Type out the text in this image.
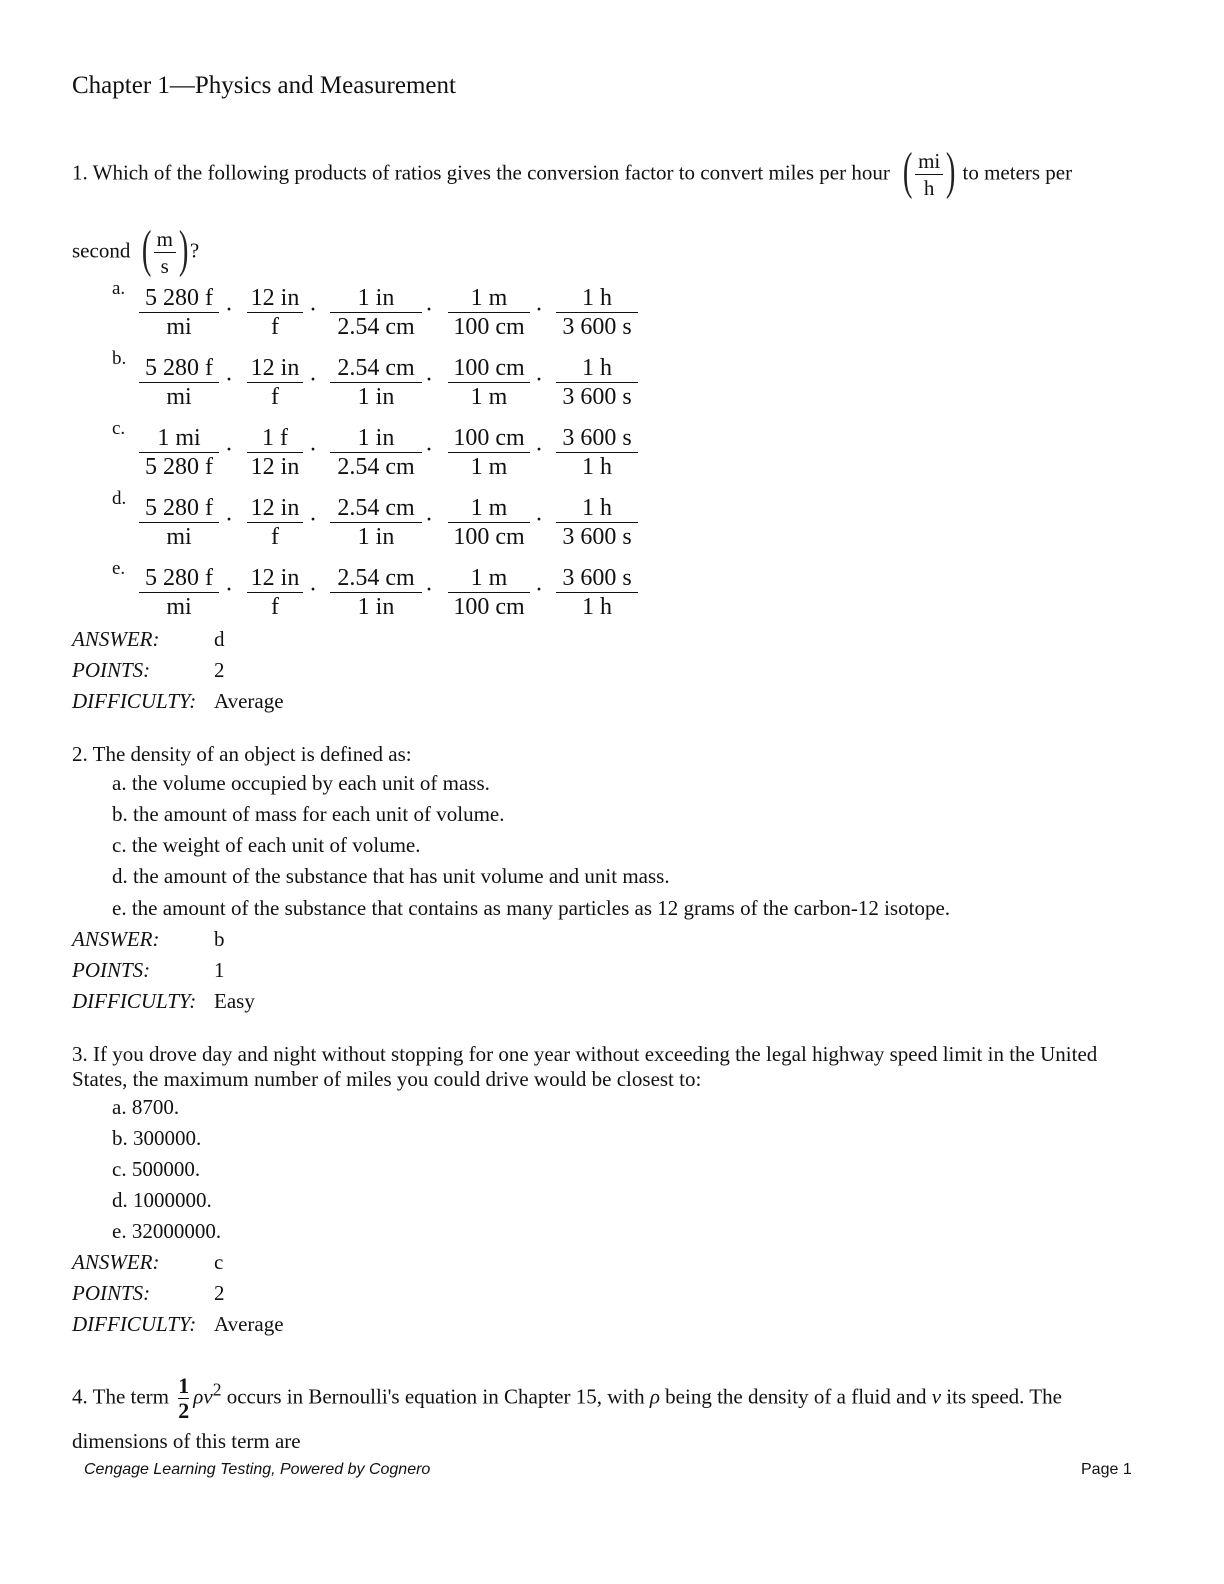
Chapter 1—Physics and Measurement
1. Which of the following products of ratios gives the conversion factor to convert miles per hour ( $\frac{mi}{h}$ ) to meters per
second ( $\frac{m}{s}$ ) ?
a. $\frac{5 280 f}{mi} \cdot \frac{12 in}{f} \cdot \frac{1 in}{2.54 cm} \cdot \frac{1 m}{100 cm} \cdot \frac{1 h}{3 600 s}$
b. $\frac{5 280 f}{mi} \cdot \frac{12 in}{f} \cdot \frac{2.54 cm}{1 in} \cdot \frac{100 cm}{1 m} \cdot \frac{1 h}{3 600 s}$
c. $\frac{1 mi}{5 280 f} \cdot \frac{1 f}{12 in} \cdot \frac{1 in}{2.54 cm} \cdot \frac{100 cm}{1 m} \cdot \frac{3 600 s}{1 h}$
d. $\frac{5 280 f}{mi} \cdot \frac{12 in}{f} \cdot \frac{2.54 cm}{1 in} \cdot \frac{1 m}{100 cm} \cdot \frac{1 h}{3 600 s}$
e. $\frac{5 280 f}{mi} \cdot \frac{12 in}{f} \cdot \frac{2.54 cm}{1 in} \cdot \frac{1 m}{100 cm} \cdot \frac{3 600 s}{1 h}$
ANSWER:	d
POINTS:	2
DIFFICULTY: Average
2. The density of an object is defined as:
a. the volume occupied by each unit of mass.
b. the amount of mass for each unit of volume.
c. the weight of each unit of volume.
d. the amount of the substance that has unit volume and unit mass.
e. the amount of the substance that contains as many particles as 12 grams of the carbon-12 isotope.
ANSWER:	b
POINTS:	1
DIFFICULTY: Easy
3. If you drove day and night without stopping for one year without exceeding the legal highway speed limit in the United States, the maximum number of miles you could drive would be closest to:
a. 8700.
b. 300000.
c. 500000.
d. 1000000.
e. 32000000.
ANSWER:	c
POINTS:	2
DIFFICULTY: Average
4. The term $\frac{1}{2} \rho v^2$ occurs in Bernoulli's equation in Chapter 15, with ρ being the density of a fluid and v its speed. The
dimensions of this term are
Cengage Learning Testing, Powered by Cognero	Page 1
